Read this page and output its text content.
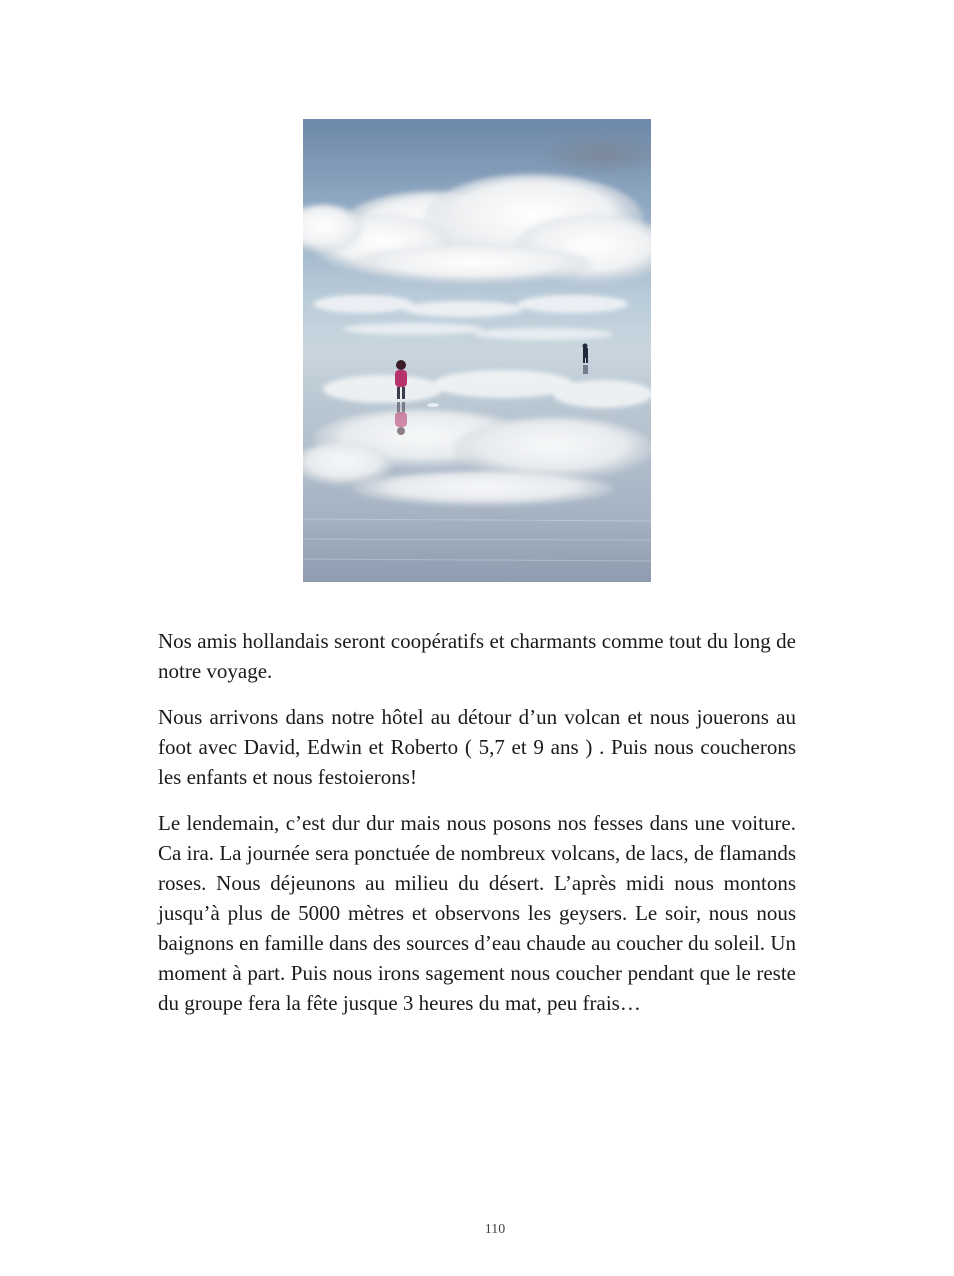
Nos amis hollandais seront coopératifs et charmants comme tout du long de notre voyage.

Nous arrivons dans notre hôtel au détour d’un volcan et nous jouerons au foot avec David, Edwin et Roberto ( 5,7 et 9 ans ) . Puis nous coucherons les enfants et nous festoierons!

Le lendemain, c’est dur dur mais nous posons nos fesses dans une voiture. Ca ira. La journée sera ponctuée de nombreux volcans, de lacs, de flamands roses. Nous déjeunons au milieu du désert. L’après midi nous montons jusqu’à plus de 5000 mètres et observons les geysers. Le soir, nous nous baignons en famille dans des sources d’eau chaude au coucher du soleil. Un moment à part. Puis nous irons sagement nous coucher pendant que le reste du groupe fera la fête jusque 3 heures du mat, peu frais…

110
